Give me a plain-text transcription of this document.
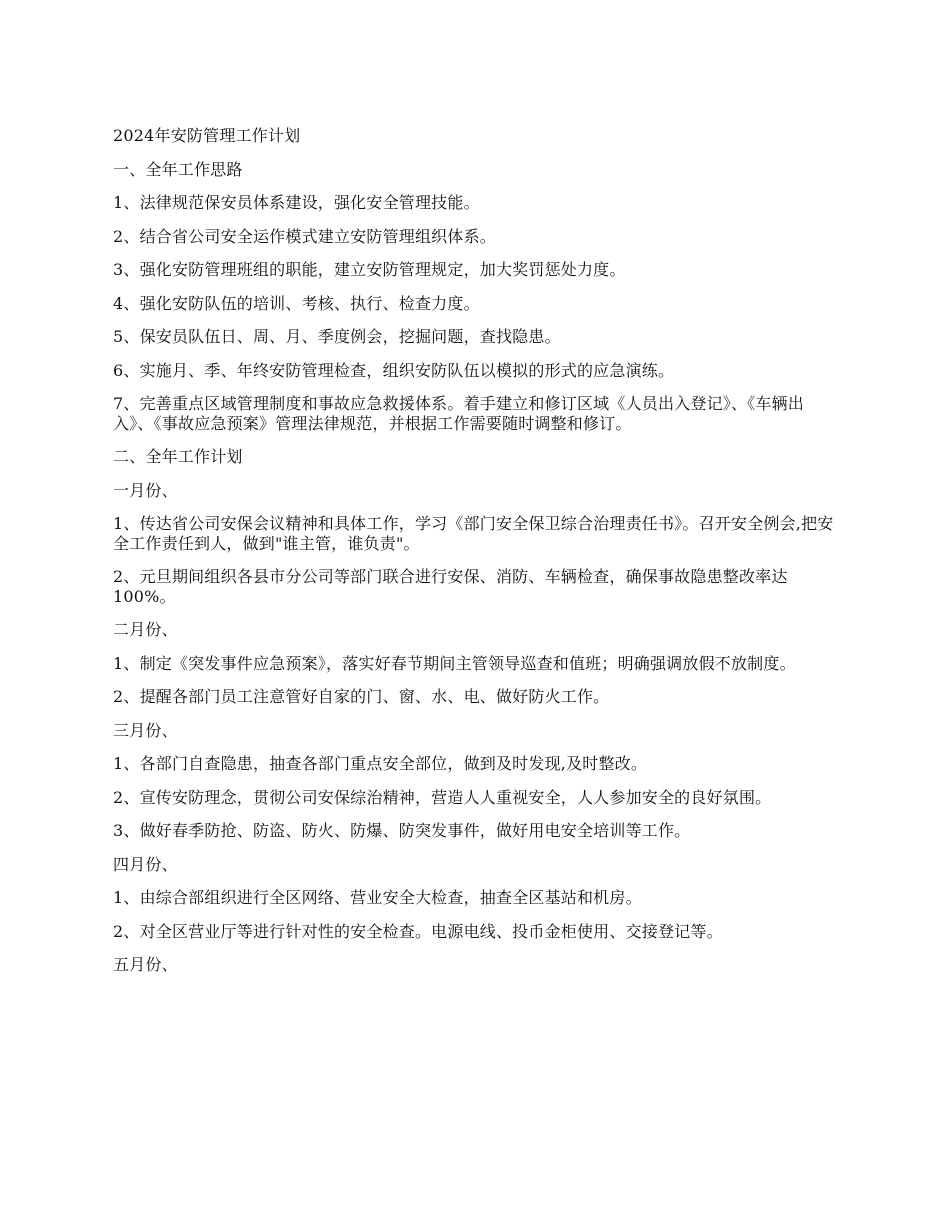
2024年安防管理工作计划

一、全年工作思路

1、法律规范保安员体系建设，强化安全管理技能。

2、结合省公司安全运作模式建立安防管理组织体系。

3、强化安防管理班组的职能，建立安防管理规定，加大奖罚惩处力度。

4、强化安防队伍的培训、考核、执行、检查力度。

5、保安员队伍日、周、月、季度例会，挖掘问题，查找隐患。

6、实施月、季、年终安防管理检查，组织安防队伍以模拟的形式的应急演练。

7、完善重点区域管理制度和事故应急救援体系。着手建立和修订区域《人员出入登记》、《车辆出入》、《事故应急预案》管理法律规范，并根据工作需要随时调整和修订。

二、全年工作计划

一月份、

1、传达省公司安保会议精神和具体工作，学习《部门安全保卫综合治理责任书》。召开安全例会,把安全工作责任到人，做到"谁主管，谁负责"。

2、元旦期间组织各县市分公司等部门联合进行安保、消防、车辆检查，确保事故隐患整改率达100%。

二月份、

1、制定《突发事件应急预案》，落实好春节期间主管领导巡查和值班；明确强调放假不放制度。

2、提醒各部门员工注意管好自家的门、窗、水、电、做好防火工作。

三月份、

1、各部门自查隐患，抽查各部门重点安全部位，做到及时发现,及时整改。

2、宣传安防理念，贯彻公司安保综治精神，营造人人重视安全，人人参加安全的良好氛围。

3、做好春季防抢、防盗、防火、防爆、防突发事件，做好用电安全培训等工作。

四月份、

1、由综合部组织进行全区网络、营业安全大检查，抽查全区基站和机房。

2、对全区营业厅等进行针对性的安全检查。电源电线、投币金柜使用、交接登记等。

五月份、
